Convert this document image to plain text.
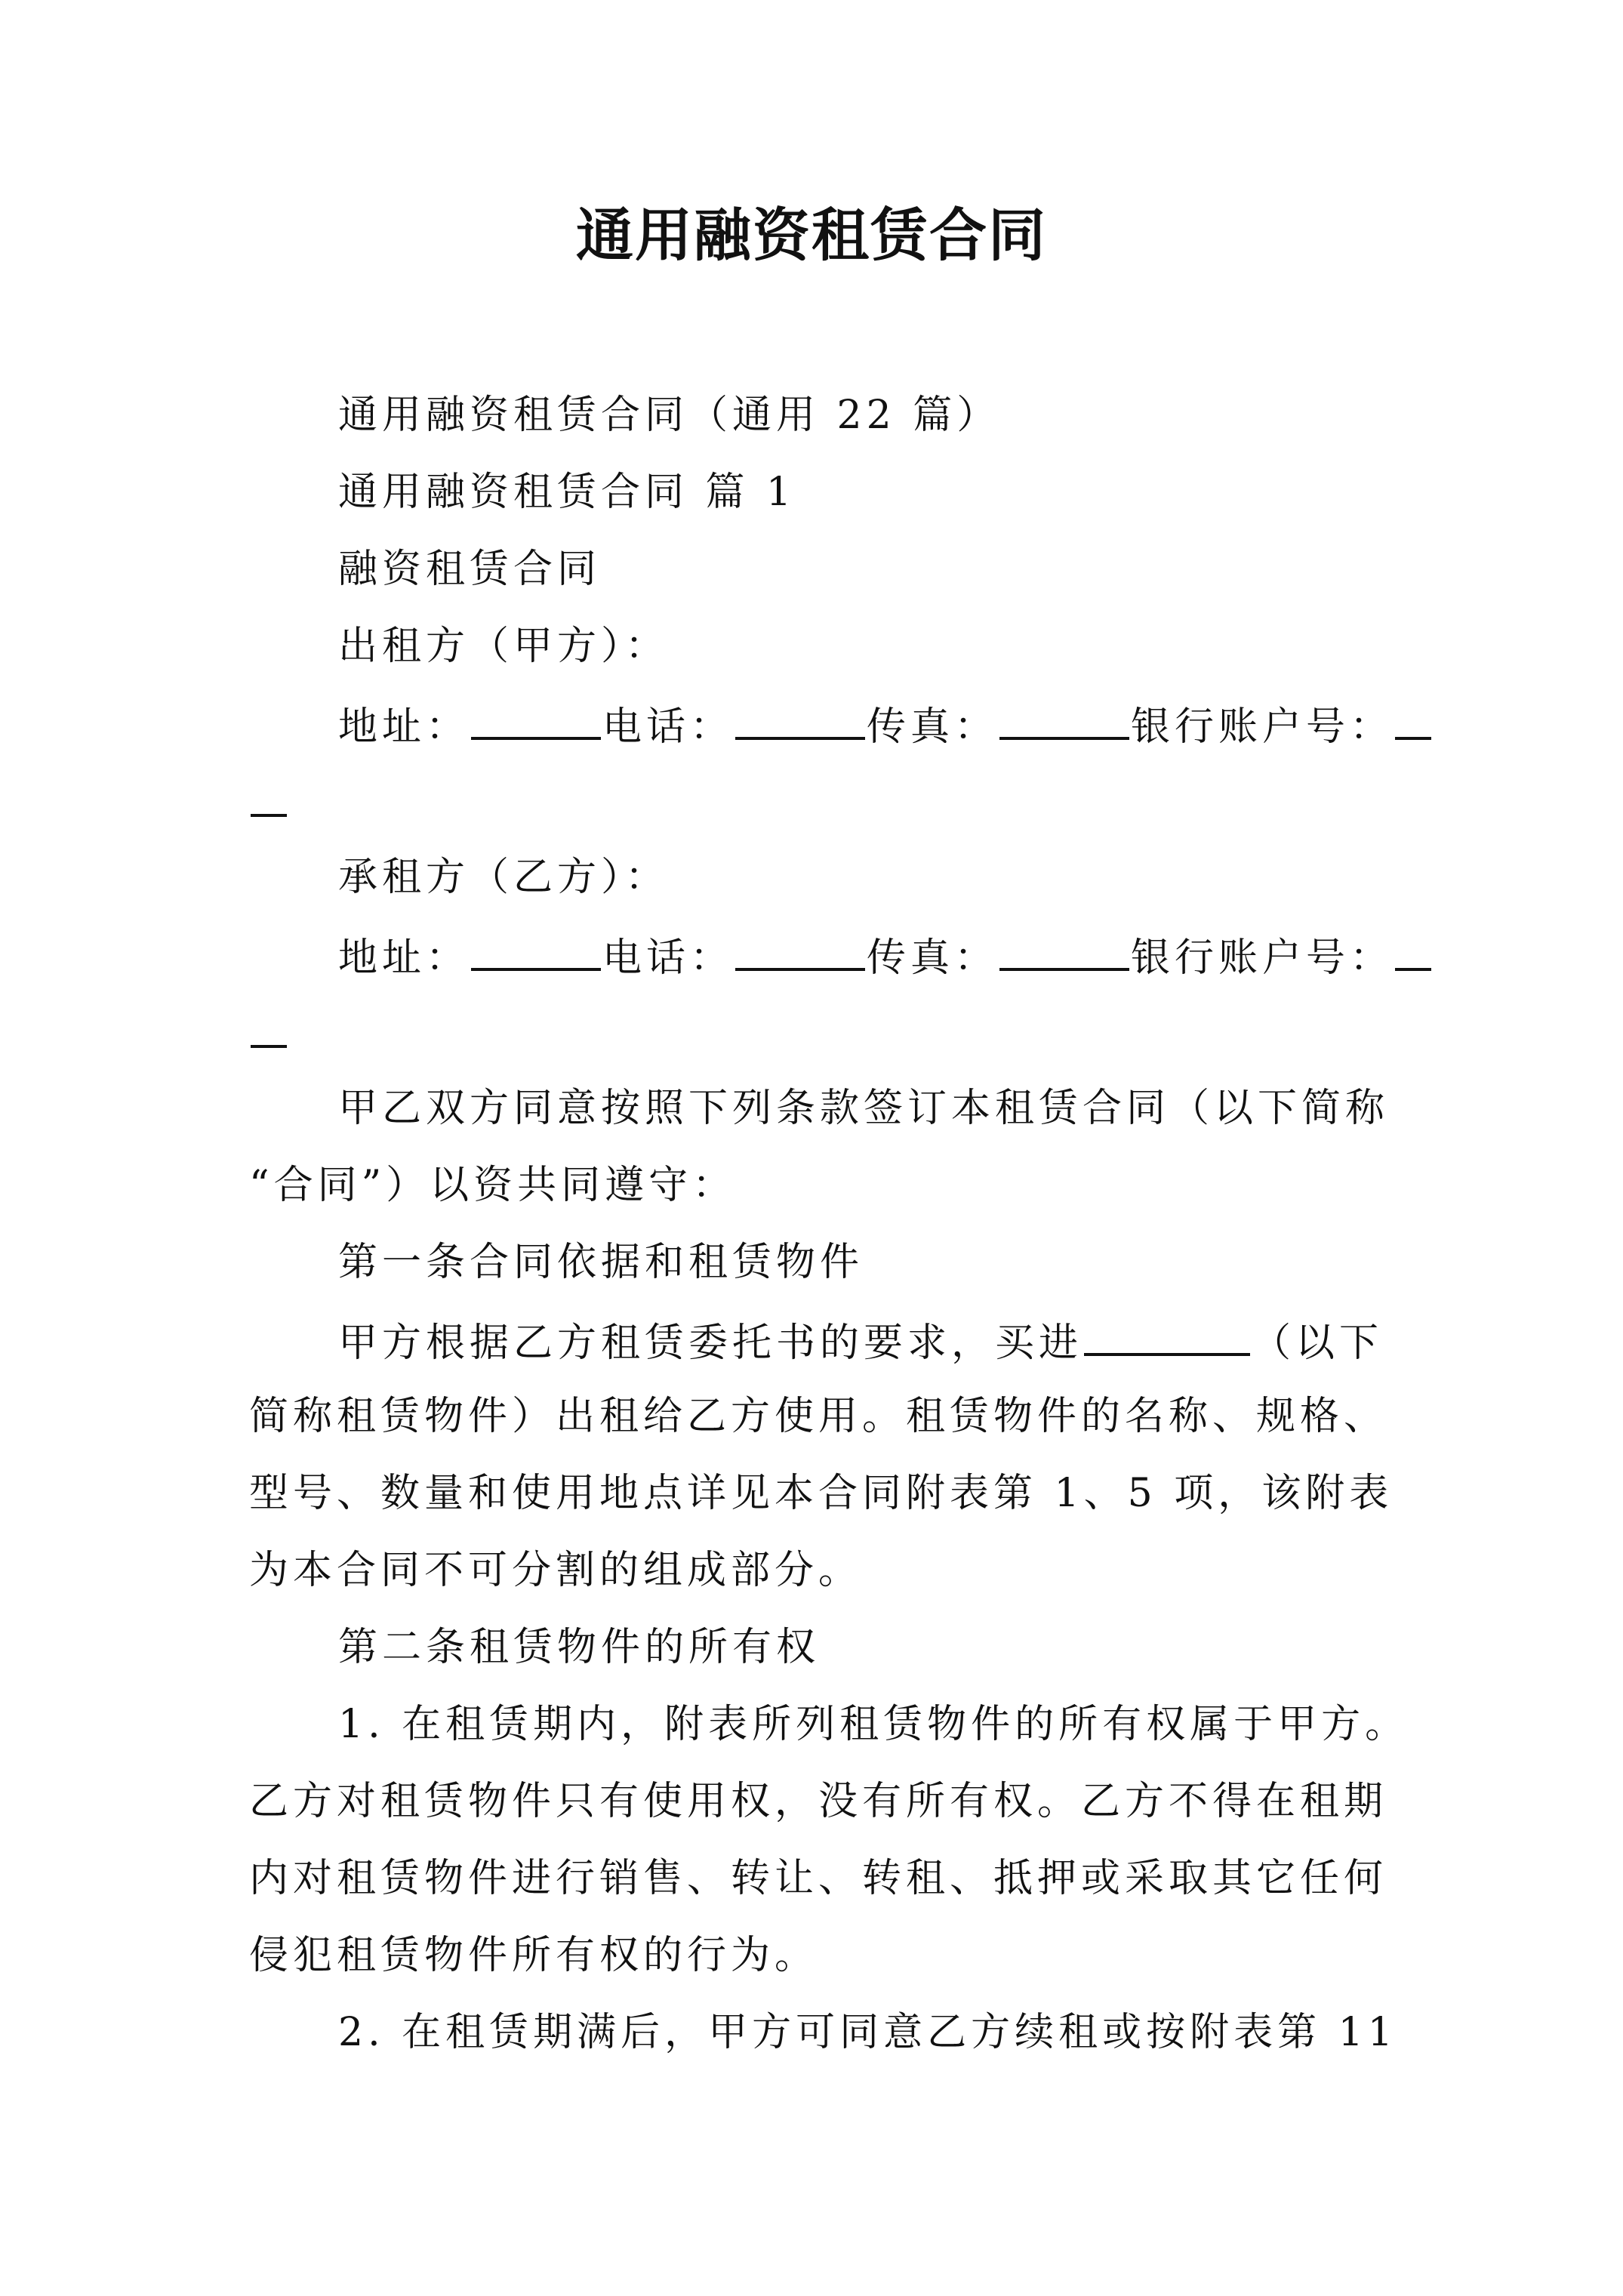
通用融资租赁合同
通用融资租赁合同（通用 22 篇）
通用融资租赁合同 篇 1
融资租赁合同
出租方（甲方）：
地址：	电话：	传真：	银行账户号：
承租方（乙方）：
地址：	电话：	传真：	银行账户号：
甲乙双方同意按照下列条款签订本租赁合同（以下简称
“合同”）以资共同遵守：
第一条合同依据和租赁物件
甲方根据乙方租赁委托书的要求，买进	（以下
简称租赁物件）出租给乙方使用。租赁物件的名称、规格、
型号、数量和使用地点详见本合同附表第 1、5 项，该附表
为本合同不可分割的组成部分。
第二条租赁物件的所有权
1. 在租赁期内，附表所列租赁物件的所有权属于甲方。
乙方对租赁物件只有使用权，没有所有权。乙方不得在租期
内对租赁物件进行销售、转让、转租、抵押或采取其它任何
侵犯租赁物件所有权的行为。
2. 在租赁期满后，甲方可同意乙方续租或按附表第 11
